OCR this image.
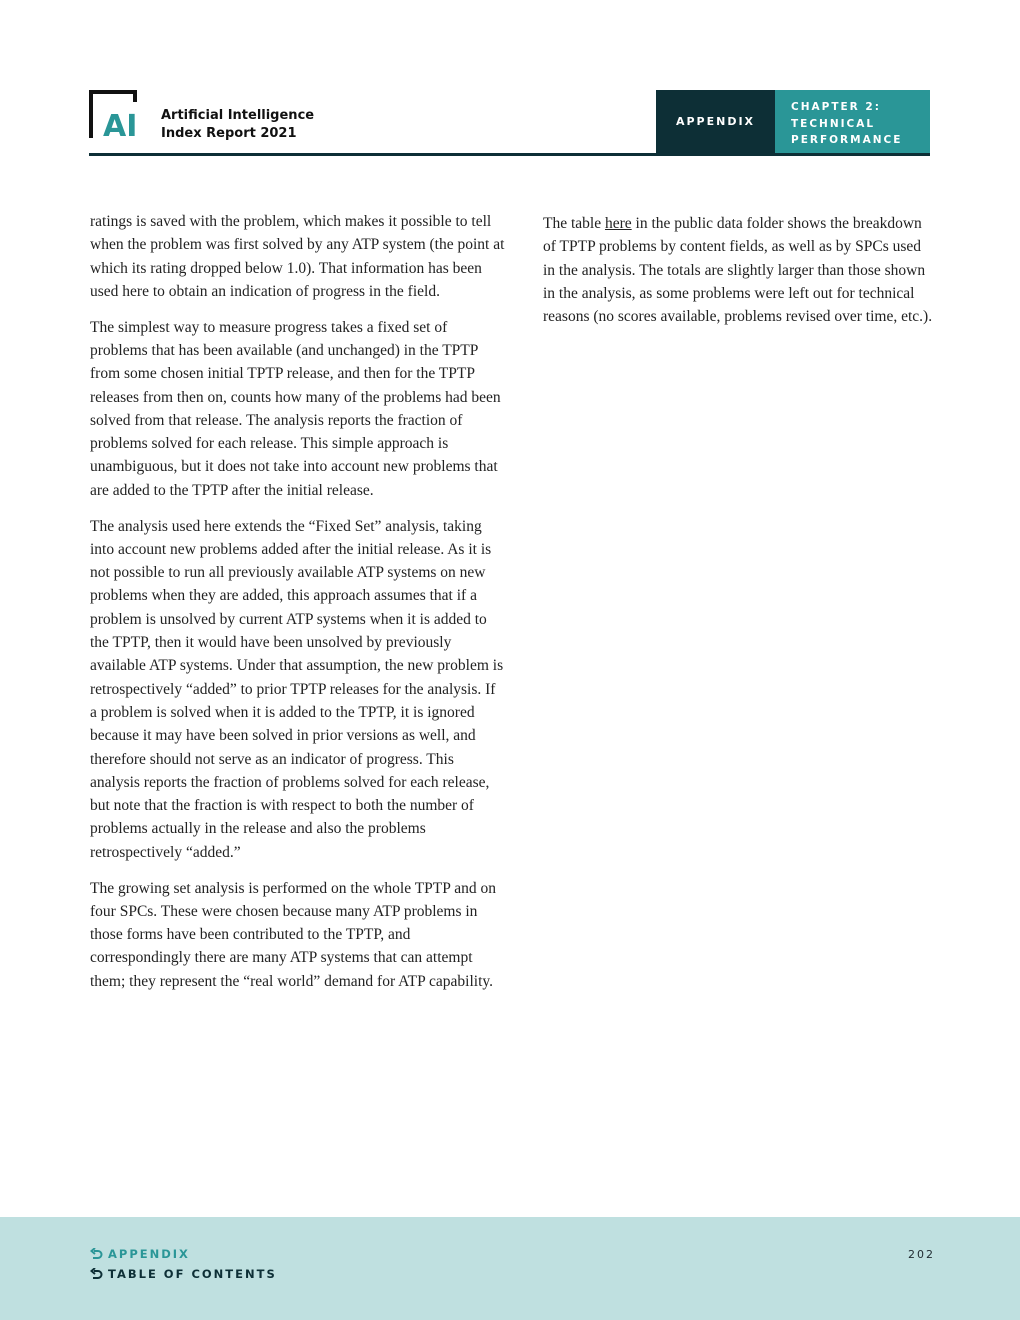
AI Artificial Intelligence
Index Report 2021
APPENDIX
CHAPTER 2:
TECHNICAL
PERFORMANCE

ratings is saved with the problem, which makes it possible to tell when the problem was first solved by any ATP system (the point at which its rating dropped below 1.0). That information has been used here to obtain an indication of progress in the field.

The simplest way to measure progress takes a fixed set of problems that has been available (and unchanged) in the TPTP from some chosen initial TPTP release, and then for the TPTP releases from then on, counts how many of the problems had been solved from that release. The analysis reports the fraction of problems solved for each release. This simple approach is unambiguous, but it does not take into account new problems that are added to the TPTP after the initial release.

The analysis used here extends the “Fixed Set” analysis, taking into account new problems added after the initial release. As it is not possible to run all previously available ATP systems on new problems when they are added, this approach assumes that if a problem is unsolved by current ATP systems when it is added to the TPTP, then it would have been unsolved by previously available ATP systems. Under that assumption, the new problem is retrospectively “added” to prior TPTP releases for the analysis. If a problem is solved when it is added to the TPTP, it is ignored because it may have been solved in prior versions as well, and therefore should not serve as an indicator of progress. This analysis reports the fraction of problems solved for each release, but note that the fraction is with respect to both the number of problems actually in the release and also the problems retrospectively “added.”

The growing set analysis is performed on the whole TPTP and on four SPCs. These were chosen because many ATP problems in those forms have been contributed to the TPTP, and correspondingly there are many ATP systems that can attempt them; they represent the “real world” demand for ATP capability.

The table here in the public data folder shows the breakdown of TPTP problems by content fields, as well as by SPCs used in the analysis. The totals are slightly larger than those shown in the analysis, as some problems were left out for technical reasons (no scores available, problems revised over time, etc.).

APPENDIX
TABLE OF CONTENTS
202
